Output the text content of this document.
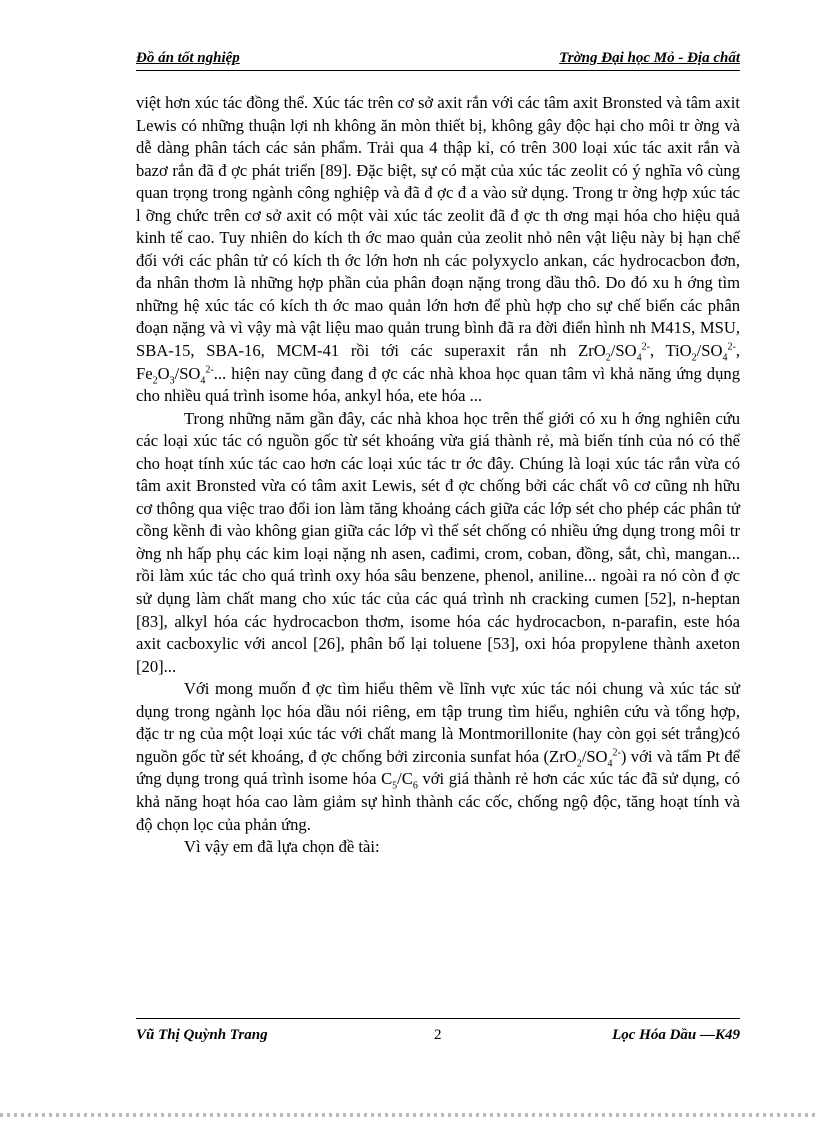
Đồ án tốt nghiệp	Trờng Đại học Mỏ - Địa chất

việt hơn xúc tác đồng thể. Xúc tác trên cơ sở axit rắn với các tâm axit Bronsted và tâm axit Lewis có những thuận lợi nh không ăn mòn thiết bị, không gây độc hại cho môi tr ờng và dễ dàng phân tách các sản phẩm. Trải qua 4 thập kỉ, có trên 300 loại xúc tác axit rắn và bazơ rắn đã đ ợc phát triển [89]. Đặc biệt, sự có mặt của xúc tác zeolit có ý nghĩa vô cùng quan trọng trong ngành công nghiệp và đã đ ợc đ a vào sử dụng. Trong tr ờng hợp xúc tác l ỡng chức trên cơ sở axit có một vài xúc tác zeolit đã đ ợc th ơng mại hóa cho hiệu quả kinh tế cao. Tuy nhiên do kích th ớc mao quản của zeolit nhỏ nên vật liệu này bị hạn chế đối với các phân tử có kích th ớc lớn hơn nh các polyxyclo ankan, các hydrocacbon đơn, đa nhân thơm là những hợp phần của phân đoạn nặng trong dầu thô. Do đó xu h ớng tìm những hệ xúc tác có kích th ớc mao quản lớn hơn để phù hợp cho sự chế biến các phân đoạn nặng và vì vậy mà vật liệu mao quản trung bình đã ra đời điển hình nh M41S, MSU, SBA-15, SBA-16, MCM-41 rồi tới các superaxit rắn nh $ZrO_2/SO_4^{2-}$, $TiO_2/SO_4^{2-}$, $Fe_2O_3/SO_4^{2-}$... hiện nay cũng đang đ ợc các nhà khoa học quan tâm vì khả năng ứng dụng cho nhiều quá trình isome hóa, ankyl hóa, ete hóa ...

Trong những năm gần đây, các nhà khoa học trên thế giới có xu h ớng nghiên cứu các loại xúc tác có nguồn gốc từ sét khoáng vừa giá thành rẻ, mà biến tính của nó có thể cho hoạt tính xúc tác cao hơn các loại xúc tác tr ớc đây. Chúng là loại xúc tác rắn vừa có tâm axit Bronsted vừa có tâm axit Lewis, sét đ ợc chống bởi các chất vô cơ cũng nh hữu cơ thông qua việc trao đổi ion làm tăng khoảng cách giữa các lớp sét cho phép các phân tử cồng kềnh đi vào không gian giữa các lớp vì thế sét chống có nhiều ứng dụng trong môi tr ờng nh hấp phụ các kim loại nặng nh asen, cađimi, crom, coban, đồng, sắt, chì, mangan... rồi làm xúc tác cho quá trình oxy hóa sâu benzene, phenol, aniline... ngoài ra nó còn đ ợc sử dụng làm chất mang cho xúc tác của các quá trình nh cracking cumen [52], n-heptan [83], alkyl hóa các hydrocacbon thơm, isome hóa các hydrocacbon, n-parafin, este hóa axit cacboxylic với ancol [26], phân bố lại toluene [53], oxi hóa propylene thành axeton [20]...

Với mong muốn đ ợc tìm hiểu thêm về lĩnh vực xúc tác nói chung và xúc tác sử dụng trong ngành lọc hóa dầu nói riêng, em tập trung tìm hiểu, nghiên cứu và tổng hợp, đặc tr ng của một loại xúc tác với chất mang là Montmorillonite (hay còn gọi sét trắng)có nguồn gốc từ sét khoáng, đ ợc chống bởi zirconia sunfat hóa $(ZrO_2/SO_4^{2-})$ với và tẩm Pt để ứng dụng trong quá trình isome hóa $C_5/C_6$ với giá thành rẻ hơn các xúc tác đã sử dụng, có khả năng hoạt hóa cao làm giảm sự hình thành các cốc, chống ngộ độc, tăng hoạt tính và độ chọn lọc của phản ứng.

Vì vậy em đã lựa chọn đề tài:

Vũ Thị Quỳnh Trang	2	Lọc Hóa Dầu —K49
